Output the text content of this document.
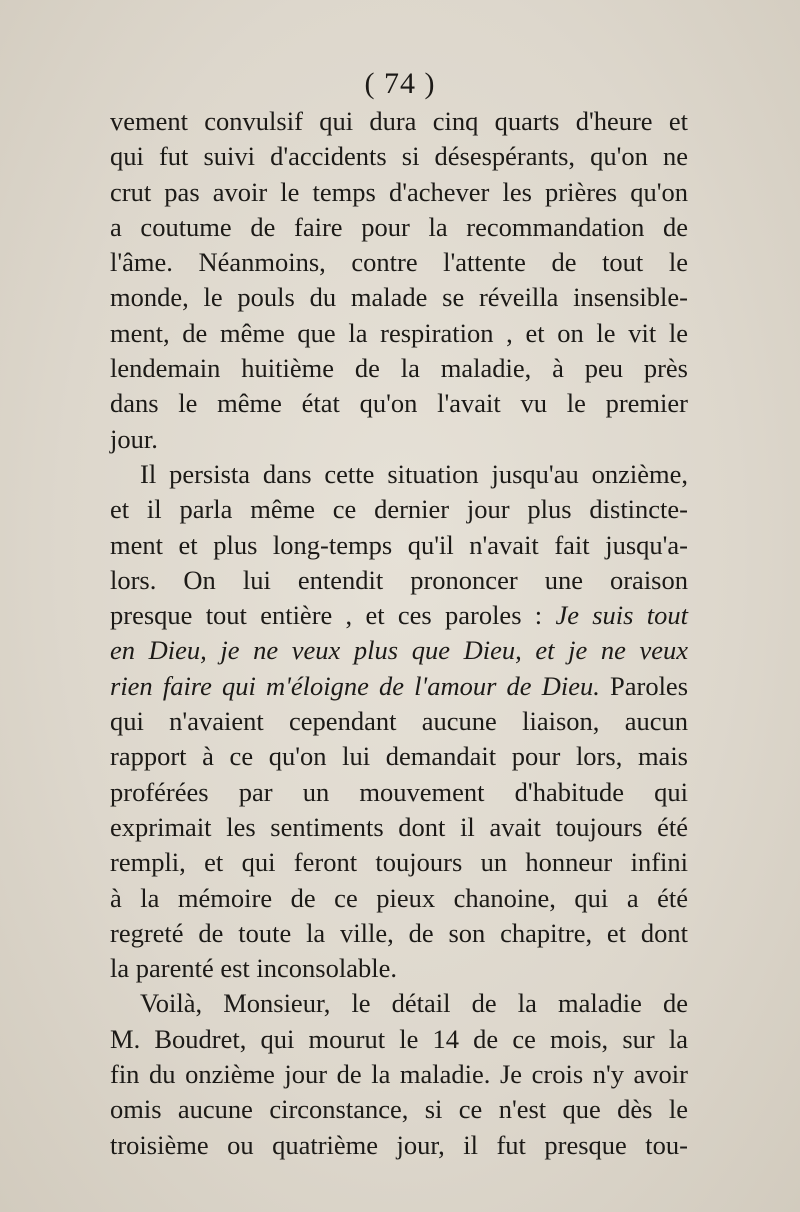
( 74 )
vement convulsif qui dura cinq quarts d'heure et
qui fut suivi d'accidents si désespérants, qu'on ne
crut pas avoir le temps d'achever les prières qu'on
a coutume de faire pour la recommandation de
l'âme. Néanmoins, contre l'attente de tout le
monde, le pouls du malade se réveilla insensible-
ment, de même que la respiration , et on le vit le
lendemain huitième de la maladie, à peu près
dans le même état qu'on l'avait vu le premier
jour.
Il persista dans cette situation jusqu'au onzième,
et il parla même ce dernier jour plus distincte-
ment et plus long-temps qu'il n'avait fait jusqu'a-
lors. On lui entendit prononcer une oraison
presque tout entière , et ces paroles : Je suis tout
en Dieu, je ne veux plus que Dieu, et je ne veux
rien faire qui m'éloigne de l'amour de Dieu. Paroles
qui n'avaient cependant aucune liaison, aucun
rapport à ce qu'on lui demandait pour lors, mais
proférées par un mouvement d'habitude qui
exprimait les sentiments dont il avait toujours été
rempli, et qui feront toujours un honneur infini
à la mémoire de ce pieux chanoine, qui a été
regreté de toute la ville, de son chapitre, et dont
la parenté est inconsolable.
Voilà, Monsieur, le détail de la maladie de
M. Boudret, qui mourut le 14 de ce mois, sur la
fin du onzième jour de la maladie. Je crois n'y avoir
omis aucune circonstance, si ce n'est que dès le
troisième ou quatrième jour, il fut presque tou-
